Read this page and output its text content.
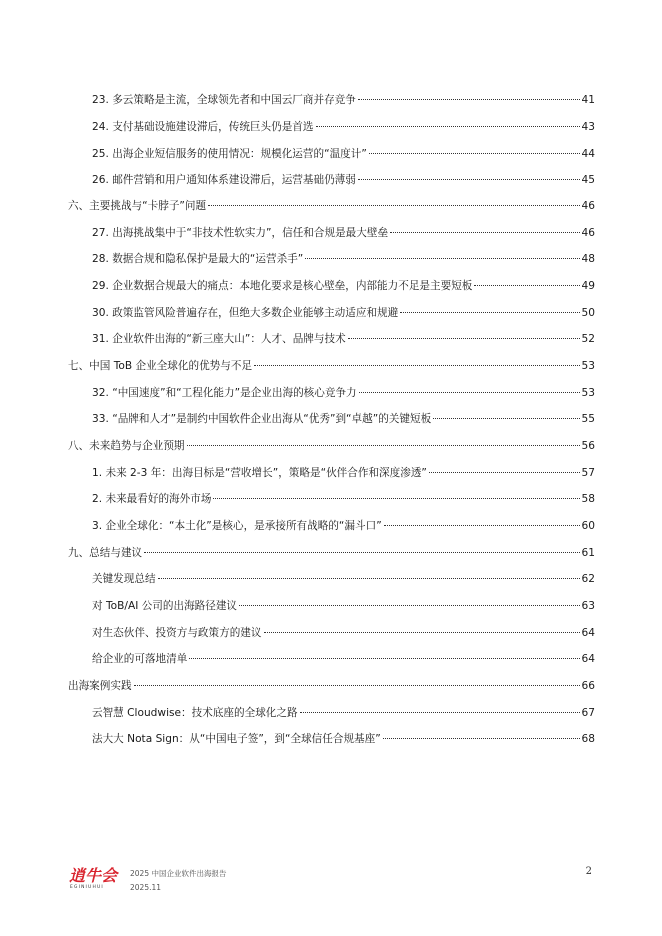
23. 多云策略是主流，全球领先者和中国云厂商并存竞争	41
24. 支付基础设施建设滞后，传统巨头仍是首选	43
25. 出海企业短信服务的使用情况：规模化运营的“温度计”	44
26. 邮件营销和用户通知体系建设滞后，运营基础仍薄弱	45
六、主要挑战与“卡脖子”问题	46
27. 出海挑战集中于“非技术性软实力”，信任和合规是最大壁垒	46
28. 数据合规和隐私保护是最大的“运营杀手”	48
29. 企业数据合规最大的痛点：本地化要求是核心壁垒，内部能力不足是主要短板	49
30. 政策监管风险普遍存在，但绝大多数企业能够主动适应和规避	50
31. 企业软件出海的“新三座大山”：人才、品牌与技术	52
七、中国 ToB 企业全球化的优势与不足	53
32. “中国速度”和“工程化能力”是企业出海的核心竞争力	53
33. “品牌和人才”是制约中国软件企业出海从“优秀”到“卓越”的关键短板	55
八、未来趋势与企业预期	56
1. 未来 2-3 年：出海目标是“营收增长”，策略是“伙伴合作和深度渗透”	57
2. 未来最看好的海外市场	58
3. 企业全球化：“本土化”是核心，是承接所有战略的“漏斗口”	60
九、总结与建议	61
关键发现总结	62
对 ToB/AI 公司的出海路径建议	63
对生态伙伴、投资方与政策方的建议	64
给企业的可落地清单	64
出海案例实践	66
云智慧 Cloudwise：技术底座的全球化之路	67
法大大 Nota Sign：从“中国电子签”，到“全球信任合规基座”	68
逍牛会
EGINIUHUI
2025 中国企业软件出海报告
2025.11
2
